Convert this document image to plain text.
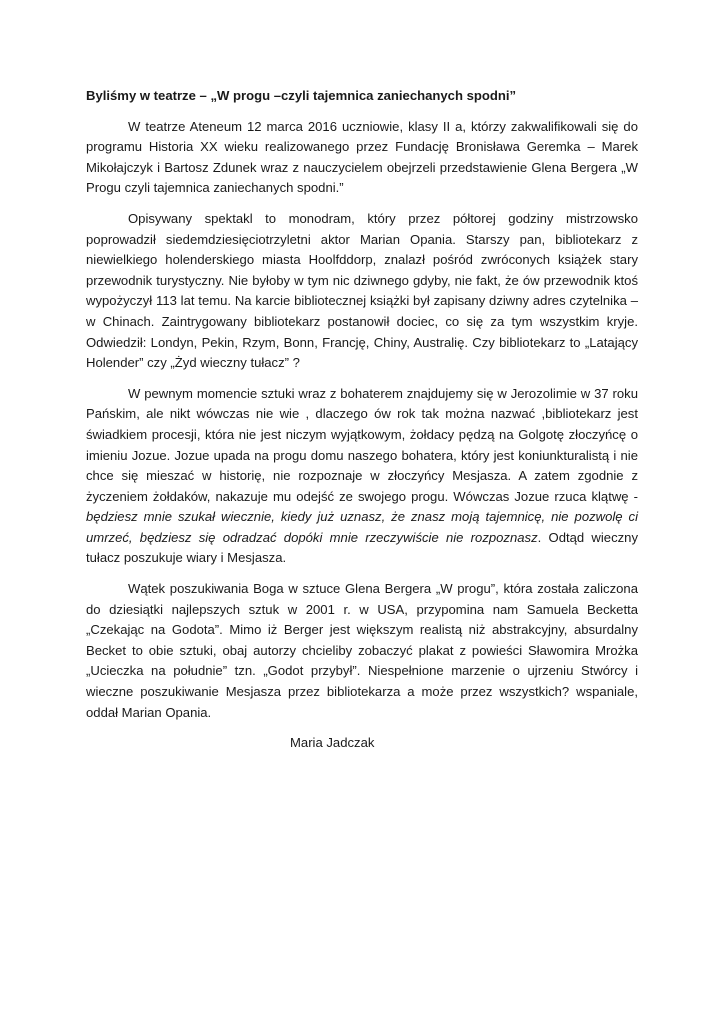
Byliśmy w teatrze – „W progu –czyli tajemnica zaniechanych spodni”

W teatrze Ateneum 12 marca 2016 uczniowie, klasy II a, którzy zakwalifikowali się do programu Historia XX wieku realizowanego przez Fundację Bronisława Geremka – Marek Mikołajczyk i Bartosz Zdunek wraz z nauczycielem obejrzeli przedstawienie Glena Bergera „W Progu czyli tajemnica zaniechanych spodni.”

Opisywany spektakl to monodram, który przez półtorej godziny mistrzowsko poprowadził siedemdziesięciotrzyletni aktor Marian Opania. Starszy pan, bibliotekarz z niewielkiego holenderskiego miasta Hoolfddorp, znalazł pośród zwróconych książek stary przewodnik turystyczny. Nie byłoby w tym nic dziwnego gdyby, nie fakt, że ów przewodnik ktoś wypożyczył 113 lat temu. Na karcie bibliotecznej książki był zapisany dziwny adres czytelnika – w Chinach. Zaintrygowany bibliotekarz postanowił dociec, co się za tym wszystkim kryje. Odwiedził: Londyn, Pekin, Rzym, Bonn, Francję, Chiny, Australię. Czy bibliotekarz to „Latający Holender” czy „Żyd wieczny tułacz” ?

W pewnym momencie sztuki wraz z bohaterem znajdujemy się w Jerozolimie w 37 roku Pańskim, ale nikt wówczas nie wie , dlaczego ów rok tak można nazwać ,bibliotekarz jest świadkiem procesji, która nie jest niczym wyjątkowym, żołdacy pędzą na Golgotę złoczyńcę o imieniu Jozue. Jozue upada na progu domu naszego bohatera, który jest koniunkturalistą i nie chce się mieszać w historię, nie rozpoznaje w złoczyńcy Mesjasza. A zatem zgodnie z życzeniem żołdaków, nakazuje mu odejść ze swojego progu. Wówczas Jozue rzuca klątwę - będziesz mnie szukał wiecznie, kiedy już uznasz, że znasz moją tajemnicę, nie pozwolę ci umrzeć, będziesz się odradzać dopóki mnie rzeczywiście nie rozpoznasz. Odtąd wieczny tułacz poszukuje wiary i Mesjasza.

Wątek poszukiwania Boga w sztuce Glena Bergera „W progu”, która została zaliczona do dziesiątki najlepszych sztuk w 2001 r. w USA, przypomina nam Samuela Becketta „Czekając na Godota”. Mimo iż Berger jest większym realistą niż abstrakcyjny, absurdalny Becket to obie sztuki, obaj autorzy chcieliby zobaczyć plakat z powieści Sławomira Mrożka „Ucieczka na południe” tzn. „Godot przybył”. Niespełnione marzenie o ujrzeniu Stwórcy i wieczne poszukiwanie Mesjasza przez bibliotekarza a może przez wszystkich? wspaniale, oddał Marian Opania.

Maria Jadczak
